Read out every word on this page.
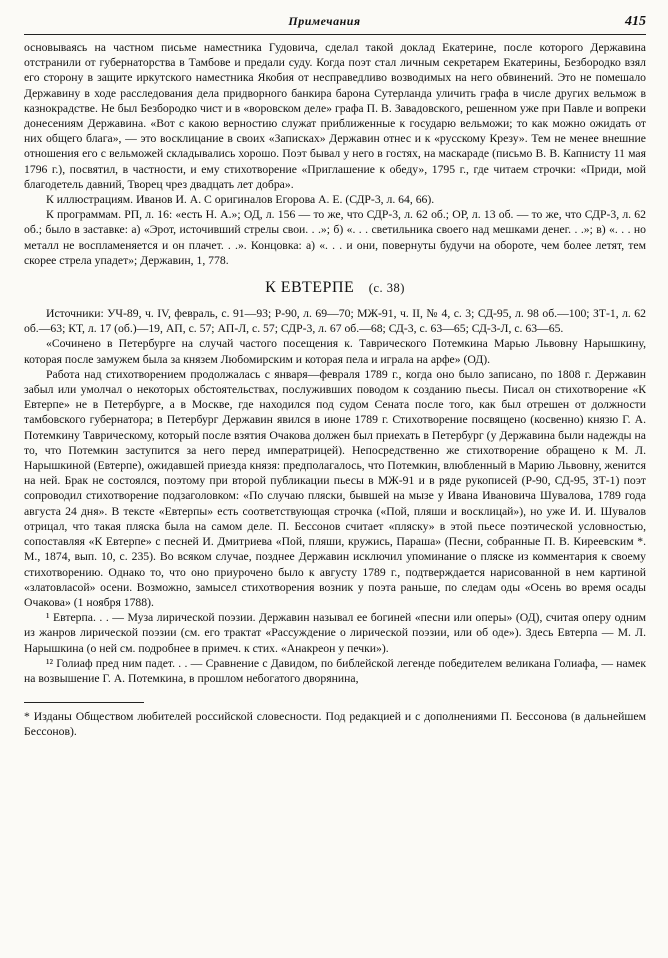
Примечания	415

основываясь на частном письме наместника Гудовича, сделал такой доклад Екатерине, после которого Державина отстранили от губернаторства в Тамбове и предали суду. Когда поэт стал личным секретарем Екатерины, Безбородко взял его сторону в защите иркутского наместника Якобия от несправедливо возводимых на него обвинений. Это не помешало Державину в ходе расследования дела придворного банкира барона Сутерланда уличить графа в числе других вельмож в казнокрадстве. Не был Безбородко чист и в «воровском деле» графа П. В. Завадовского, решенном уже при Павле и вопреки донесениям Державина. «Вот с какою верностию служат приближенные к государю вельможи; то как можно ожидать от них общего блага», — это восклицание в своих «Записках» Державин отнес и к «русскому Крезу». Тем не менее внешние отношения его с вельможей складывались хорошо. Поэт бывал у него в гостях, на маскараде (письмо В. В. Капнисту 11 мая 1796 г.), посвятил, в частности, и ему стихотворение «Приглашение к обеду», 1795 г., где читаем строчки: «Приди, мой благодетель давний, Творец чрез двадцать лет добра».

К иллюстрациям. Иванов И. А. С оригиналов Егорова А. Е. (СДР-3, л. 64, 66).

К программам. РП, л. 16: «есть Н. А.»; ОД, л. 156 — то же, что СДР-3, л. 62 об.; ОР, л. 13 об. — то же, что СДР-3, л. 62 об.; было в заставке: а) «Эрот, источивший стрелы свои. . .»; б) «. . . светильника своего над мешками денег. . .»; в) «. . . но металл не воспламеняется и он плачет. . .». Концовка: а) «. . . и они, повернуты будучи на обороте, чем более летят, тем скорее стрела упадет»; Державин, 1, 778.

К ЕВТЕРПЕ (с. 38)

Источники: УЧ-89, ч. IV, февраль, с. 91—93; Р-90, л. 69—70; МЖ-91, ч. II, № 4, с. 3; СД-95, л. 98 об.—100; ЗТ-1, л. 62 об.—63; КТ, л. 17 (об.)—19, АП, с. 57; АП-Л, с. 57; СДР-3, л. 67 об.—68; СД-3, с. 63—65; СД-3-Л, с. 63—65.

«Сочинено в Петербурге на случай частого посещения к. Таврического Потемкина Марью Львовну Нарышкину, которая после замужем была за князем Любомирским и которая пела и играла на арфе» (ОД).

Работа над стихотворением продолжалась с января—февраля 1789 г., когда оно было записано, по 1808 г. Державин забыл или умолчал о некоторых обстоятельствах, послуживших поводом к созданию пьесы. Писал он стихотворение «К Евтерпе» не в Петербурге, а в Москве, где находился под судом Сената после того, как был отрешен от должности тамбовского губернатора; в Петербург Державин явился в июне 1789 г. Стихотворение посвящено (косвенно) князю Г. А. Потемкину Таврическому, который после взятия Очакова должен был приехать в Петербург (у Державина были надежды на то, что Потемкин заступится за него перед императрицей). Непосредственно же стихотворение обращено к М. Л. Нарышкиной (Евтерпе), ожидавшей приезда князя: предполагалось, что Потемкин, влюбленный в Марию Львовну, женится на ней. Брак не состоялся, поэтому при второй публикации пьесы в МЖ-91 и в ряде рукописей (Р-90, СД-95, ЗТ-1) поэт сопроводил стихотворение подзаголовком: «По случаю пляски, бывшей на мызе у Ивана Ивановича Шувалова, 1789 года августа 24 дня». В тексте «Евтерпы» есть соответствующая строчка («Пой, пляши и восклицай»), но уже И. И. Шувалов отрицал, что такая пляска была на самом деле. П. Бессонов считает «пляску» в этой пьесе поэтической условностью, сопоставляя «К Евтерпе» с песней И. Дмитриева «Пой, пляши, кружись, Параша» (Песни, собранные П. В. Киреевским *. М., 1874, вып. 10, с. 235). Во всяком случае, позднее Державин исключил упоминание о пляске из комментария к своему стихотворению. Однако то, что оно приурочено было к августу 1789 г., подтверждается нарисованной в нем картиной «златовласой» осени. Возможно, замысел стихотворения возник у поэта раньше, по следам оды «Осень во время осады Очакова» (1 ноября 1788).

¹ Евтерпа. . . — Муза лирической поэзии. Державин называл ее богиней «песни или оперы» (ОД), считая оперу одним из жанров лирической поэзии (см. его трактат «Рассуждение о лирической поэзии, или об оде»). Здесь Евтерпа — М. Л. Нарышкина (о ней см. подробнее в примеч. к стих. «Анакреон у печки»).

¹² Голиаф пред ним падет. . . — Сравнение с Давидом, по библейской легенде победителем великана Голиафа, — намек на возвышение Г. А. Потемкина, в прошлом небогатого дворянина,

* Изданы Обществом любителей российской словесности. Под редакцией и с дополнениями П. Бессонова (в дальнейшем Бессонов).
